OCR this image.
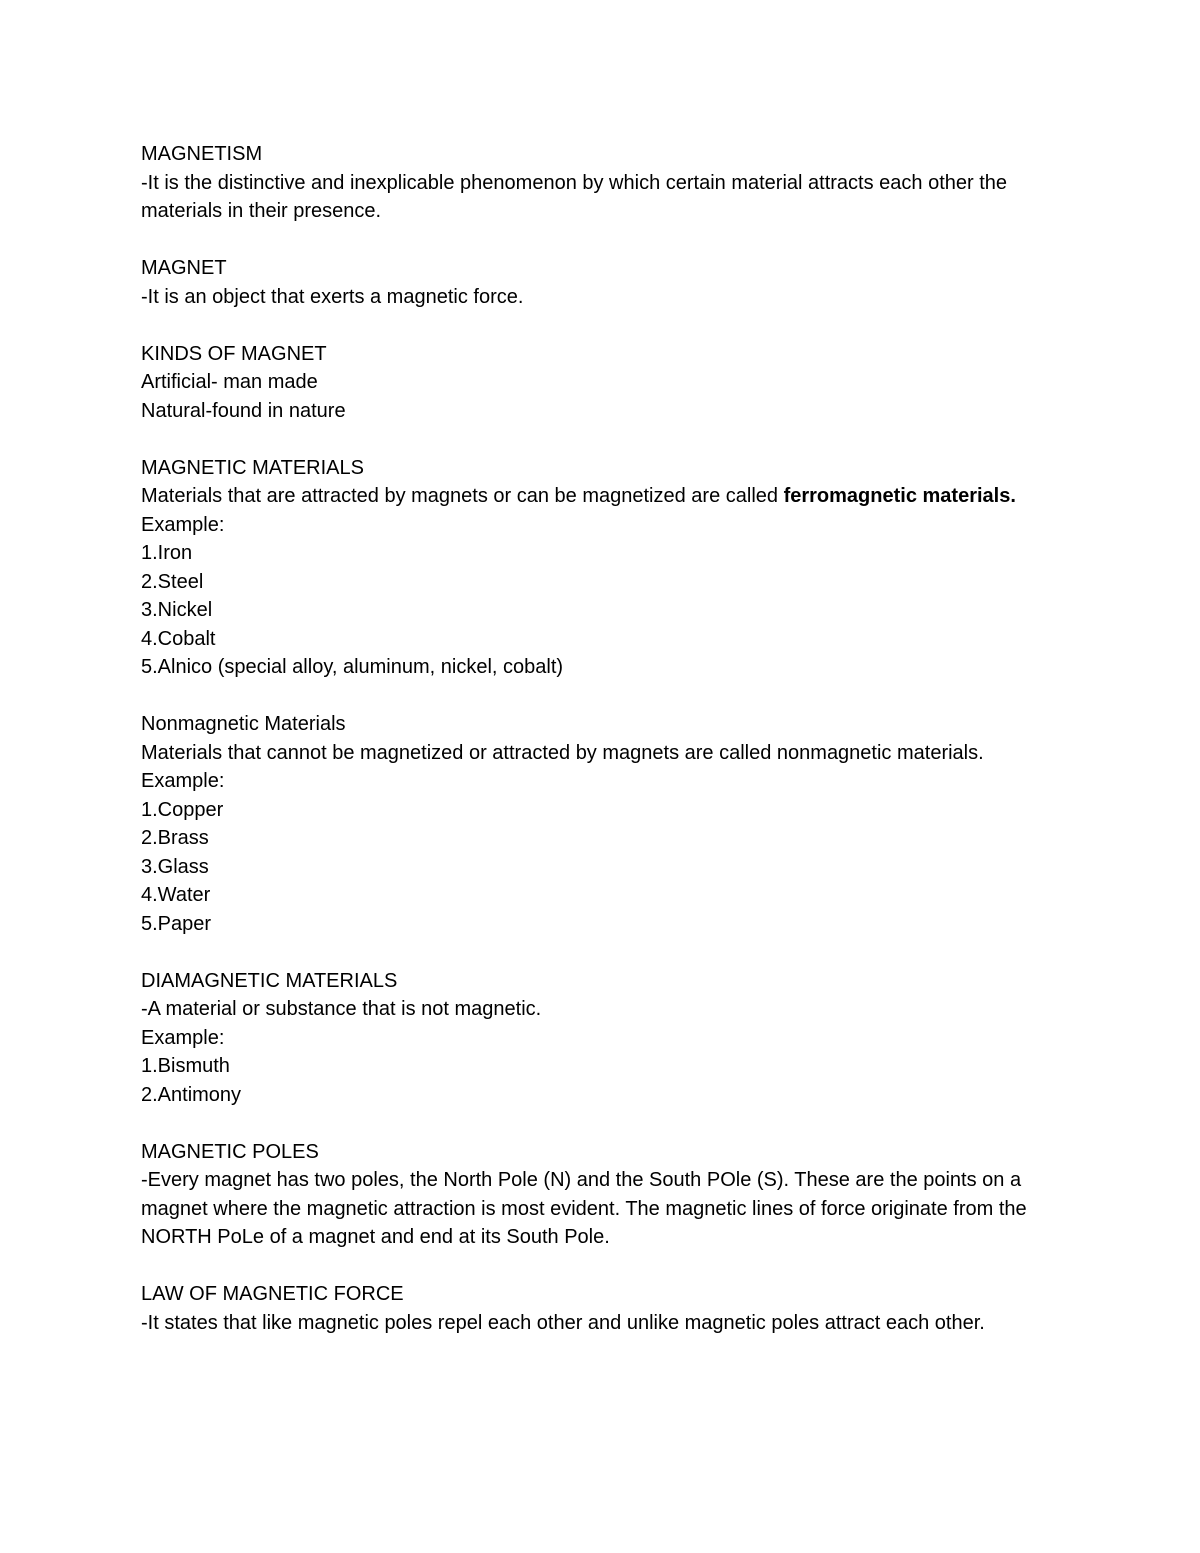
MAGNETISM
-It is the distinctive and inexplicable phenomenon by which certain material attracts each other the materials in their presence.
MAGNET
-It is an object that exerts a magnetic force.
KINDS OF MAGNET
Artificial- man made
Natural-found in nature
MAGNETIC MATERIALS
Materials that are attracted by magnets or can be magnetized are called ferromagnetic materials.
Example:
1.Iron
2.Steel
3.Nickel
4.Cobalt
5.Alnico (special alloy, aluminum, nickel, cobalt)
Nonmagnetic Materials
Materials that cannot be magnetized or attracted by magnets are called nonmagnetic materials.
Example:
1.Copper
2.Brass
3.Glass
4.Water
5.Paper
DIAMAGNETIC MATERIALS
-A material or substance that is not magnetic.
Example:
1.Bismuth
2.Antimony
MAGNETIC POLES
-Every magnet has two poles, the North Pole (N) and the South POle (S). These are the points on a magnet where the magnetic attraction is most evident. The magnetic lines of force originate from the NORTH PoLe of a magnet and end at its South Pole.
LAW OF MAGNETIC FORCE
-It states that like magnetic poles repel each other and unlike magnetic poles attract each other.
